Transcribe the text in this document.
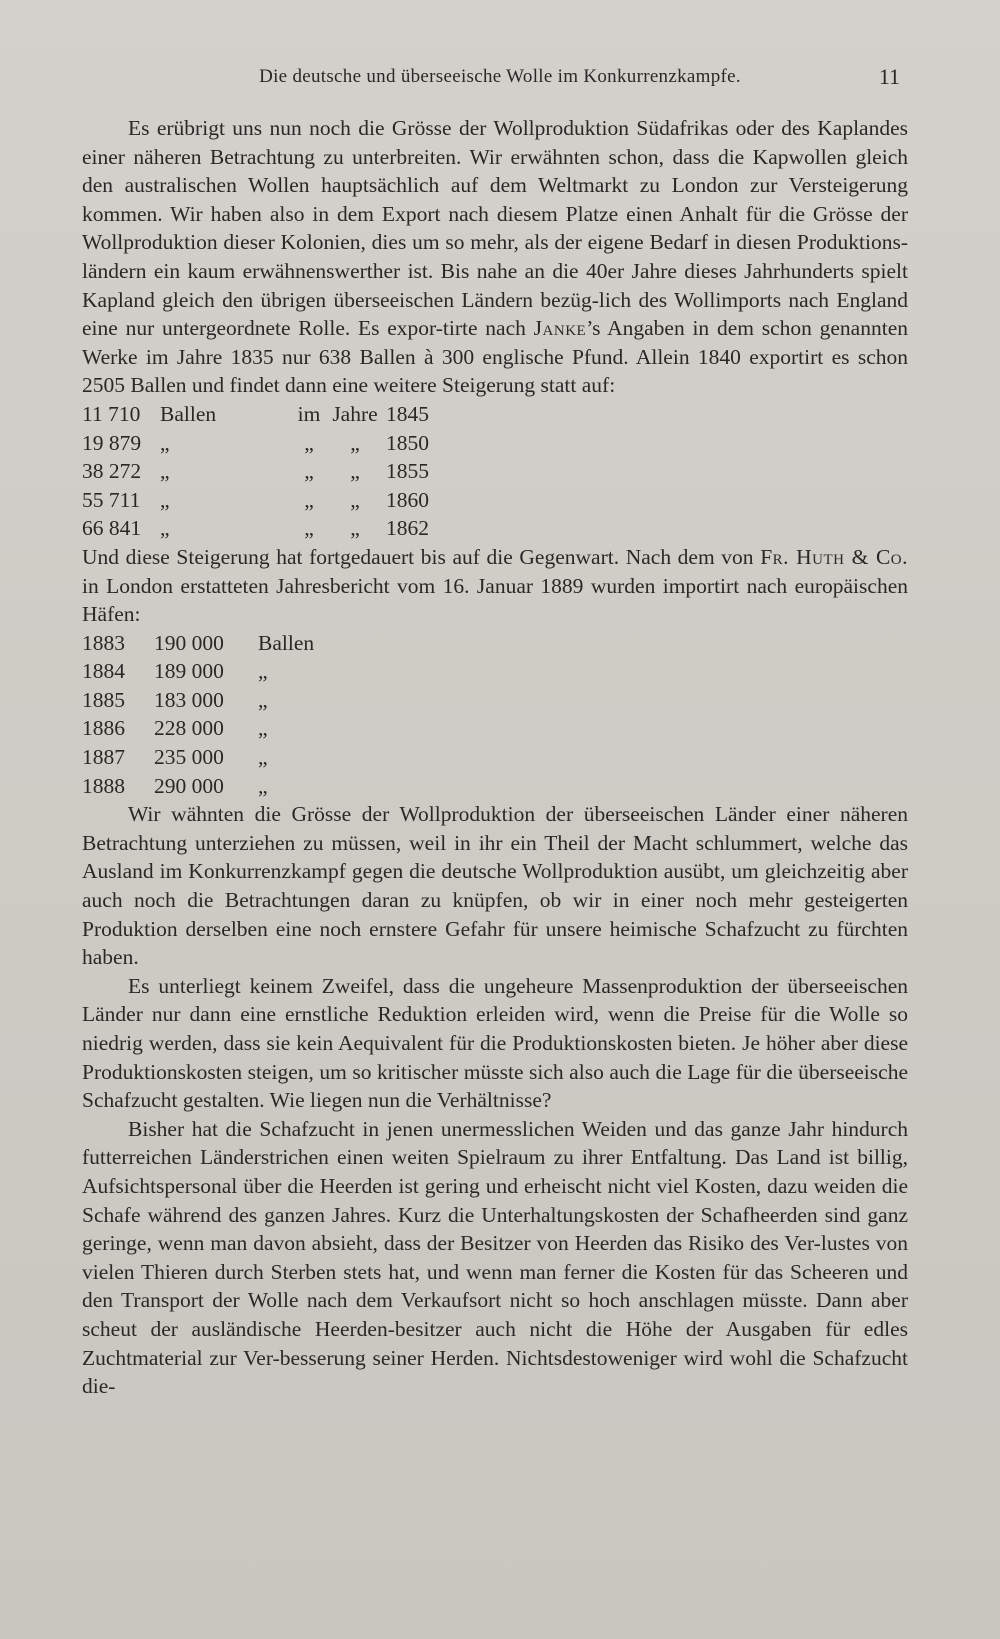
Die deutsche und überseeische Wolle im Konkurrenzkampfe.	11

Es erübrigt uns nun noch die Grösse der Wollproduktion Südafrikas oder des Kaplandes einer näheren Betrachtung zu unterbreiten. Wir erwähnten schon, dass die Kapwollen gleich den australischen Wollen hauptsächlich auf dem Weltmarkt zu London zur Versteigerung kommen. Wir haben also in dem Export nach diesem Platze einen Anhalt für die Grösse der Wollproduktion dieser Kolonien, dies um so mehr, als der eigene Bedarf in diesen Produktions-ländern ein kaum erwähnenswerther ist. Bis nahe an die 40er Jahre dieses Jahrhunderts spielt Kapland gleich den übrigen überseeischen Ländern bezüg-lich des Wollimports nach England eine nur untergeordnete Rolle. Es expor-tirte nach Janke’s Angaben in dem schon genannten Werke im Jahre 1835 nur 638 Ballen à 300 englische Pfund. Allein 1840 exportirt es schon 2505 Ballen und findet dann eine weitere Steigerung statt auf:

11 710	Ballen	im	Jahre	1845
19 879	„	„	„	1850
38 272	„	„	„	1855
55 711	„	„	„	1860
66 841	„	„	„	1862

Und diese Steigerung hat fortgedauert bis auf die Gegenwart. Nach dem von Fr. Huth & Co. in London erstatteten Jahresbericht vom 16. Januar 1889 wurden importirt nach europäischen Häfen:

1883	190 000	Ballen
1884	189 000	„
1885	183 000	„
1886	228 000	„
1887	235 000	„
1888	290 000	„

Wir wähnten die Grösse der Wollproduktion der überseeischen Länder einer näheren Betrachtung unterziehen zu müssen, weil in ihr ein Theil der Macht schlummert, welche das Ausland im Konkurrenzkampf gegen die deutsche Wollproduktion ausübt, um gleichzeitig aber auch noch die Betrachtungen daran zu knüpfen, ob wir in einer noch mehr gesteigerten Produktion derselben eine noch ernstere Gefahr für unsere heimische Schafzucht zu fürchten haben.

Es unterliegt keinem Zweifel, dass die ungeheure Massenproduktion der überseeischen Länder nur dann eine ernstliche Reduktion erleiden wird, wenn die Preise für die Wolle so niedrig werden, dass sie kein Aequivalent für die Produktionskosten bieten. Je höher aber diese Produktionskosten steigen, um so kritischer müsste sich also auch die Lage für die überseeische Schafzucht gestalten. Wie liegen nun die Verhältnisse?

Bisher hat die Schafzucht in jenen unermesslichen Weiden und das ganze Jahr hindurch futterreichen Länderstrichen einen weiten Spielraum zu ihrer Entfaltung. Das Land ist billig, Aufsichtspersonal über die Heerden ist gering und erheischt nicht viel Kosten, dazu weiden die Schafe während des ganzen Jahres. Kurz die Unterhaltungskosten der Schafheerden sind ganz geringe, wenn man davon absieht, dass der Besitzer von Heerden das Risiko des Ver-lustes von vielen Thieren durch Sterben stets hat, und wenn man ferner die Kosten für das Scheeren und den Transport der Wolle nach dem Verkaufsort nicht so hoch anschlagen müsste. Dann aber scheut der ausländische Heerden-besitzer auch nicht die Höhe der Ausgaben für edles Zuchtmaterial zur Ver-besserung seiner Herden. Nichtsdestoweniger wird wohl die Schafzucht die-
